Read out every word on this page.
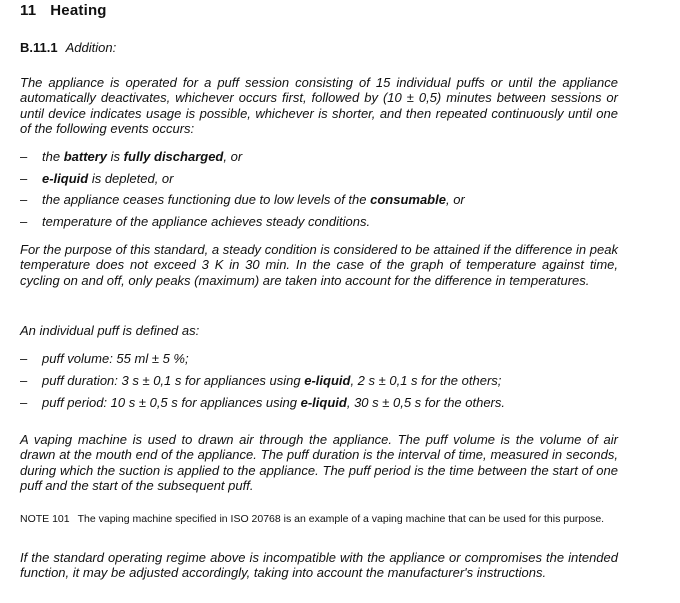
11 Heating
B.11.1 Addition:
The appliance is operated for a puff session consisting of 15 individual puffs or until the appliance automatically deactivates, whichever occurs first, followed by (10 ± 0,5) minutes between sessions or until device indicates usage is possible, whichever is shorter, and then repeated continuously until one of the following events occurs:
– the battery is fully discharged, or
– e-liquid is depleted, or
– the appliance ceases functioning due to low levels of the consumable, or
– temperature of the appliance achieves steady conditions.
For the purpose of this standard, a steady condition is considered to be attained if the difference in peak temperature does not exceed 3 K in 30 min. In the case of the graph of temperature against time, cycling on and off, only peaks (maximum) are taken into account for the difference in temperatures.
An individual puff is defined as:
– puff volume: 55 ml ± 5 %;
– puff duration: 3 s ± 0,1 s for appliances using e-liquid, 2 s ± 0,1 s for the others;
– puff period: 10 s ± 0,5 s for appliances using e-liquid, 30 s ± 0,5 s for the others.
A vaping machine is used to drawn air through the appliance. The puff volume is the volume of air drawn at the mouth end of the appliance. The puff duration is the interval of time, measured in seconds, during which the suction is applied to the appliance. The puff period is the time between the start of one puff and the start of the subsequent puff.
NOTE 101 The vaping machine specified in ISO 20768 is an example of a vaping machine that can be used for this purpose.
If the standard operating regime above is incompatible with the appliance or compromises the intended function, it may be adjusted accordingly, taking into account the manufacturer's instructions.
